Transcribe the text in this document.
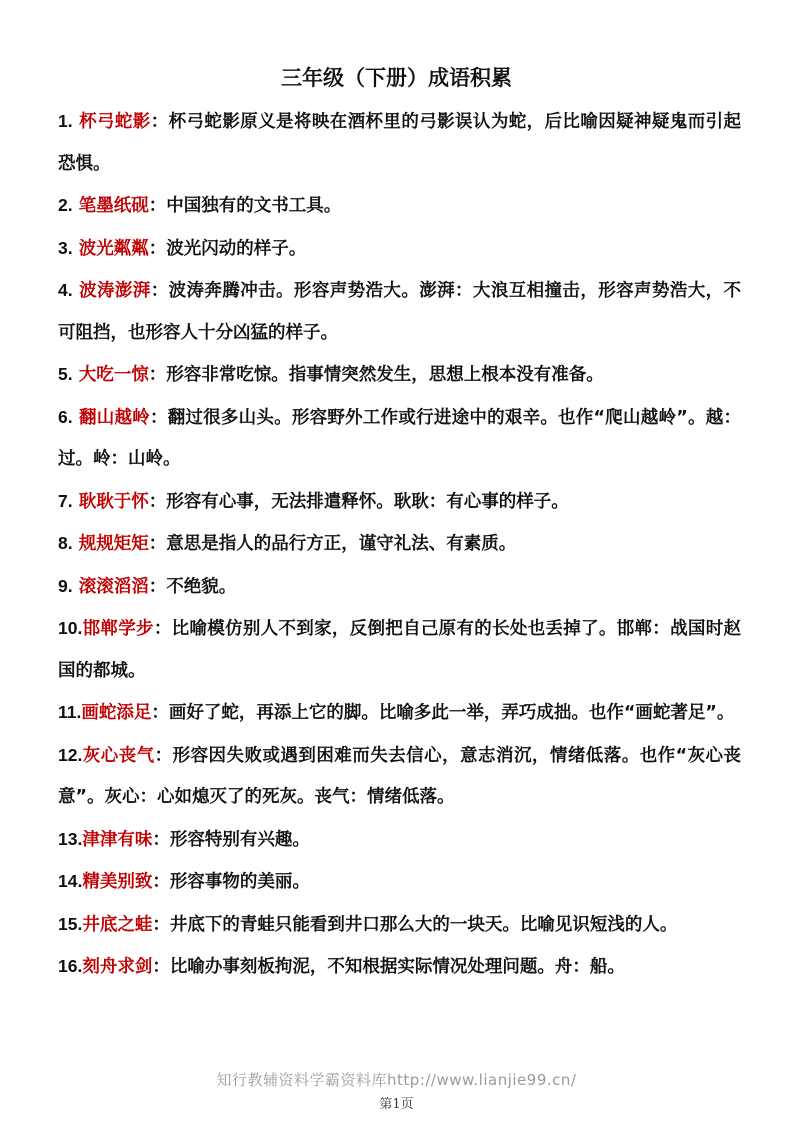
三年级（下册）成语积累

1. 杯弓蛇影：杯弓蛇影原义是将映在酒杯里的弓影误认为蛇，后比喻因疑神疑鬼而引起恐惧。

2. 笔墨纸砚：中国独有的文书工具。

3. 波光粼粼：波光闪动的样子。

4. 波涛澎湃：波涛奔腾冲击。形容声势浩大。澎湃：大浪互相撞击，形容声势浩大，不可阻挡，也形容人十分凶猛的样子。

5. 大吃一惊：形容非常吃惊。指事情突然发生，思想上根本没有准备。

6. 翻山越岭：翻过很多山头。形容野外工作或行进途中的艰辛。也作“爬山越岭”。越：过。岭：山岭。

7. 耿耿于怀：形容有心事，无法排遣释怀。耿耿：有心事的样子。

8. 规规矩矩：意思是指人的品行方正，谨守礼法、有素质。

9. 滚滚滔滔：不绝貌。

10.邯郸学步：比喻模仿别人不到家，反倒把自己原有的长处也丢掉了。邯郸：战国时赵国的都城。

11.画蛇添足：画好了蛇，再添上它的脚。比喻多此一举，弄巧成拙。也作“画蛇著足”。

12.灰心丧气：形容因失败或遇到困难而失去信心，意志消沉，情绪低落。也作“灰心丧意”。灰心：心如熄灭了的死灰。丧气：情绪低落。

13.津津有味：形容特别有兴趣。

14.精美别致：形容事物的美丽。

15.井底之蛙：井底下的青蛙只能看到井口那么大的一块天。比喻见识短浅的人。

16.刻舟求剑：比喻办事刻板拘泥，不知根据实际情况处理问题。舟：船。

知行教辅资料学霸资料库http://www.lianjie99.cn/
第1页
